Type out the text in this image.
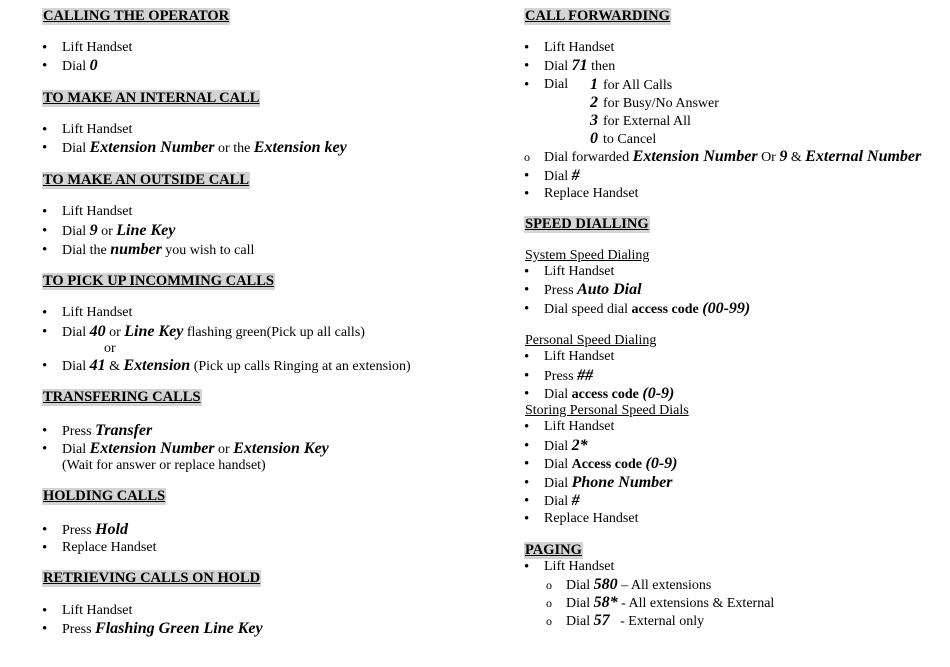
CALLING THE OPERATOR
•
Lift Handset
•
Dial 0
TO MAKE AN INTERNAL CALL
•
Lift Handset
•
Dial Extension Number or the Extension key
TO MAKE AN OUTSIDE CALL
•
Lift Handset
•
Dial 9 or Line Key
•
Dial the number you wish to call
TO PICK UP INCOMMING CALLS
•
Lift Handset
•
Dial 40 or Line Key flashing green(Pick up all calls)
or
•
Dial 41 & Extension (Pick up calls Ringing at an extension)
TRANSFERING CALLS
•
Press Transfer
•
Dial Extension Number or Extension Key
(Wait for answer or replace handset)
HOLDING CALLS
•
Press Hold
•
Replace Handset
RETRIEVING CALLS ON HOLD
•
Lift Handset
•
Press Flashing Green Line Key
CALL FORWARDING
•
Lift Handset
•
Dial 71 then
•
Dial	1 for All Calls
2 for Busy/No Answer
3 for External All
0 to Cancel
o
Dial forwarded Extension Number Or 9 & External Number
•
Dial #
•
Replace Handset
SPEED DIALLING
System Speed Dialing
•
Lift Handset
•
Press Auto Dial
•
Dial speed dial access code (00-99)
Personal Speed Dialing
•
Lift Handset
•
Press ##
•
Dial access code (0-9)
Storing Personal Speed Dials
•
Lift Handset
•
Dial 2*
•
Dial Access code (0-9)
•
Dial Phone Number
•
Dial #
•
Replace Handset
PAGING
•
Lift Handset
o
Dial 580 – All extensions
o
Dial 58* - All extensions & External
o
Dial 57   - External only
